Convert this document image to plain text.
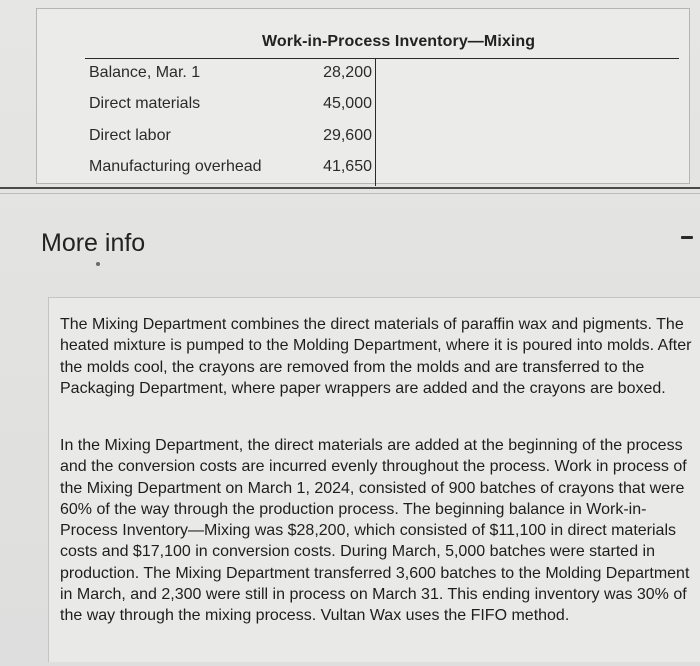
Work-in-Process Inventory—Mixing
Balance, Mar. 1	28,200
Direct materials	45,000
Direct labor	29,600
Manufacturing overhead	41,650
More info

The Mixing Department combines the direct materials of paraffin wax and pigments. The heated mixture is pumped to the Molding Department, where it is poured into molds. After the molds cool, the crayons are removed from the molds and are transferred to the Packaging Department, where paper wrappers are added and the crayons are boxed.

In the Mixing Department, the direct materials are added at the beginning of the process and the conversion costs are incurred evenly throughout the process. Work in process of the Mixing Department on March 1, 2024, consisted of 900 batches of crayons that were 60% of the way through the production process. The beginning balance in Work-in-Process Inventory—Mixing was $28,200, which consisted of $11,100 in direct materials costs and $17,100 in conversion costs. During March, 5,000 batches were started in production. The Mixing Department transferred 3,600 batches to the Molding Department in March, and 2,300 were still in process on March 31. This ending inventory was 30% of the way through the mixing process. Vultan Wax uses the FIFO method.
